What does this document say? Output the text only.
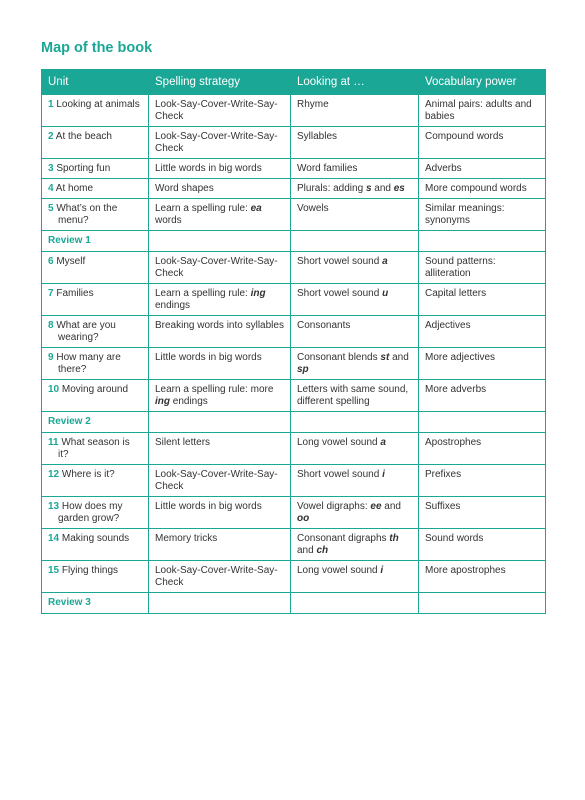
Map of the book
Unit	Spelling strategy	Looking at …	Vocabulary power

1 Looking at animals	Look-Say-Cover-Write-Say-Check	Rhyme	Animal pairs: adults and babies

2 At the beach	Look-Say-Cover-Write-Say-Check	Syllables	Compound words

3 Sporting fun	Little words in big words	Word families	Adverbs

4 At home	Word shapes	Plurals: adding s and es	More compound words

5 What’s on the menu?	Learn a spelling rule: ea words	Vowels	Similar meanings: synonyms
Review 1			

6 Myself	Look-Say-Cover-Write-Say-Check	Short vowel sound a	Sound patterns: alliteration

7 Families	Learn a spelling rule: ing endings	Short vowel sound u	Capital letters

8 What are you wearing?	Breaking words into syllables	Consonants	Adjectives

9 How many are there?	Little words in big words	Consonant blends st and sp	More adjectives

10 Moving around	Learn a spelling rule: more ing endings	Letters with same sound, different spelling	More adverbs
Review 2			

11 What season is it?	Silent letters	Long vowel sound a	Apostrophes

12 Where is it?	Look-Say-Cover-Write-Say-Check	Short vowel sound i	Prefixes

13 How does my garden grow?	Little words in big words	Vowel digraphs: ee and oo	Suffixes

14 Making sounds	Memory tricks	Consonant digraphs th and ch	Sound words

15 Flying things	Look-Say-Cover-Write-Say-Check	Long vowel sound i	More apostrophes
Review 3			
